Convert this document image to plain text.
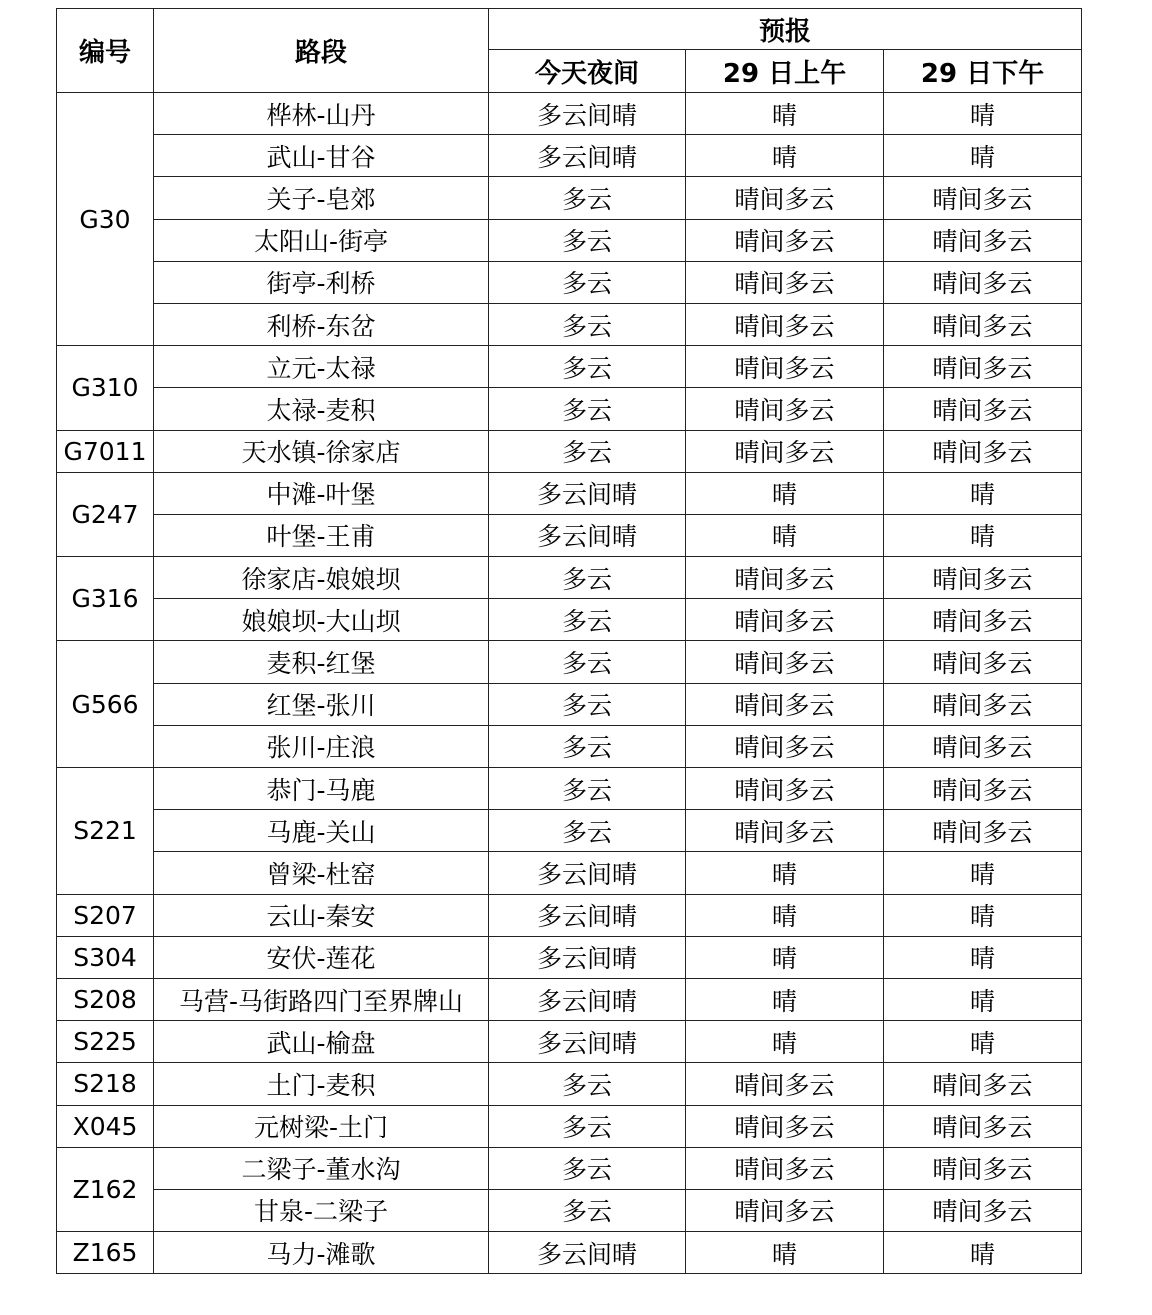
编号	路段	预报		
		今天夜间	29 日上午	29 日下午
G30	桦林-山丹	多云间晴	晴	晴
	武山-甘谷	多云间晴	晴	晴
	关子-皂郊	多云	晴间多云	晴间多云
	太阳山-街亭	多云	晴间多云	晴间多云
	街亭-利桥	多云	晴间多云	晴间多云
	利桥-东岔	多云	晴间多云	晴间多云
G310	立元-太禄	多云	晴间多云	晴间多云
	太禄-麦积	多云	晴间多云	晴间多云
G7011	天水镇-徐家店	多云	晴间多云	晴间多云
G247	中滩-叶堡	多云间晴	晴	晴
	叶堡-王甫	多云间晴	晴	晴
G316	徐家店-娘娘坝	多云	晴间多云	晴间多云
	娘娘坝-大山坝	多云	晴间多云	晴间多云
G566	麦积-红堡	多云	晴间多云	晴间多云
	红堡-张川	多云	晴间多云	晴间多云
	张川-庄浪	多云	晴间多云	晴间多云
S221	恭门-马鹿	多云	晴间多云	晴间多云
	马鹿-关山	多云	晴间多云	晴间多云
	曾梁-杜窑	多云间晴	晴	晴
S207	云山-秦安	多云间晴	晴	晴
S304	安伏-莲花	多云间晴	晴	晴
S208	马营-马街路四门至界牌山	多云间晴	晴	晴
S225	武山-榆盘	多云间晴	晴	晴
S218	土门-麦积	多云	晴间多云	晴间多云
X045	元树梁-土门	多云	晴间多云	晴间多云
Z162	二梁子-董水沟	多云	晴间多云	晴间多云
	甘泉-二梁子	多云	晴间多云	晴间多云
Z165	马力-滩歌	多云间晴	晴	晴
